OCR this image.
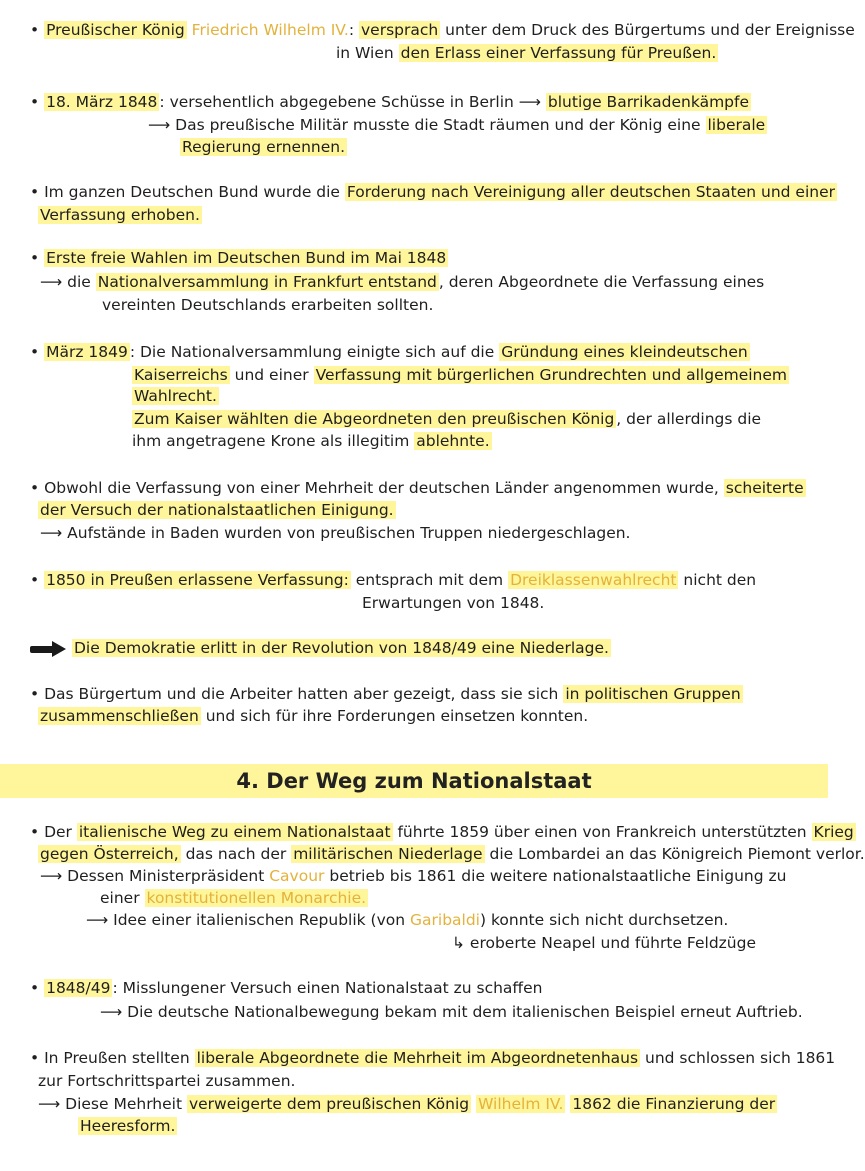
• Preußischer König Friedrich Wilhelm IV.: versprach unter dem Druck des Bürgertums und der Ereignisse
in Wien den Erlass einer Verfassung für Preußen.
• 18. März 1848 : versehentlich abgegebene Schüsse in Berlin ⟶ blutige Barrikadenkämpfe
⟶ Das preußische Militär musste die Stadt räumen und der König eine liberale
Regierung ernennen.
• Im ganzen Deutschen Bund wurde die Forderung nach Vereinigung aller deutschen Staaten und einer
Verfassung erhoben.
• Erste freie Wahlen im Deutschen Bund im Mai 1848
⟶ die Nationalversammlung in Frankfurt entstand , deren Abgeordnete die Verfassung eines
vereinten Deutschlands erarbeiten sollten.
• März 1849 : Die Nationalversammlung einigte sich auf die Gründung eines kleindeutschen
Kaiserreichs und einer Verfassung mit bürgerlichen Grundrechten und allgemeinem
Wahlrecht.
Zum Kaiser wählten die Abgeordneten den preußischen König , der allerdings die
ihm angetragene Krone als illegitim ablehnte.
• Obwohl die Verfassung von einer Mehrheit der deutschen Länder angenommen wurde, scheiterte
der Versuch der nationalstaatlichen Einigung.
⟶ Aufstände in Baden wurden von preußischen Truppen niedergeschlagen.
• 1850 in Preußen erlassene Verfassung: entsprach mit dem Dreiklassenwahlrecht nicht den
Erwartungen von 1848.
Die Demokratie erlitt in der Revolution von 1848/49 eine Niederlage.
• Das Bürgertum und die Arbeiter hatten aber gezeigt, dass sie sich in politischen Gruppen
zusammenschließen und sich für ihre Forderungen einsetzen konnten.
4. Der Weg zum Nationalstaat
• Der italienische Weg zu einem Nationalstaat führte 1859 über einen von Frankreich unterstützten Krieg
gegen Österreich, das nach der militärischen Niederlage die Lombardei an das Königreich Piemont verlor.
⟶ Dessen Ministerpräsident Cavour betrieb bis 1861 die weitere nationalstaatliche Einigung zu
einer konstitutionellen Monarchie.
⟶ Idee einer italienischen Republik (von Garibaldi) konnte sich nicht durchsetzen.
↳ eroberte Neapel und führte Feldzüge
• 1848/49 : Misslungener Versuch einen Nationalstaat zu schaffen
⟶ Die deutsche Nationalbewegung bekam mit dem italienischen Beispiel erneut Auftrieb.
• In Preußen stellten liberale Abgeordnete die Mehrheit im Abgeordnetenhaus und schlossen sich 1861
zur Fortschrittspartei zusammen.
⟶ Diese Mehrheit verweigerte dem preußischen König Wilhelm IV. 1862 die Finanzierung der
Heeresform.
